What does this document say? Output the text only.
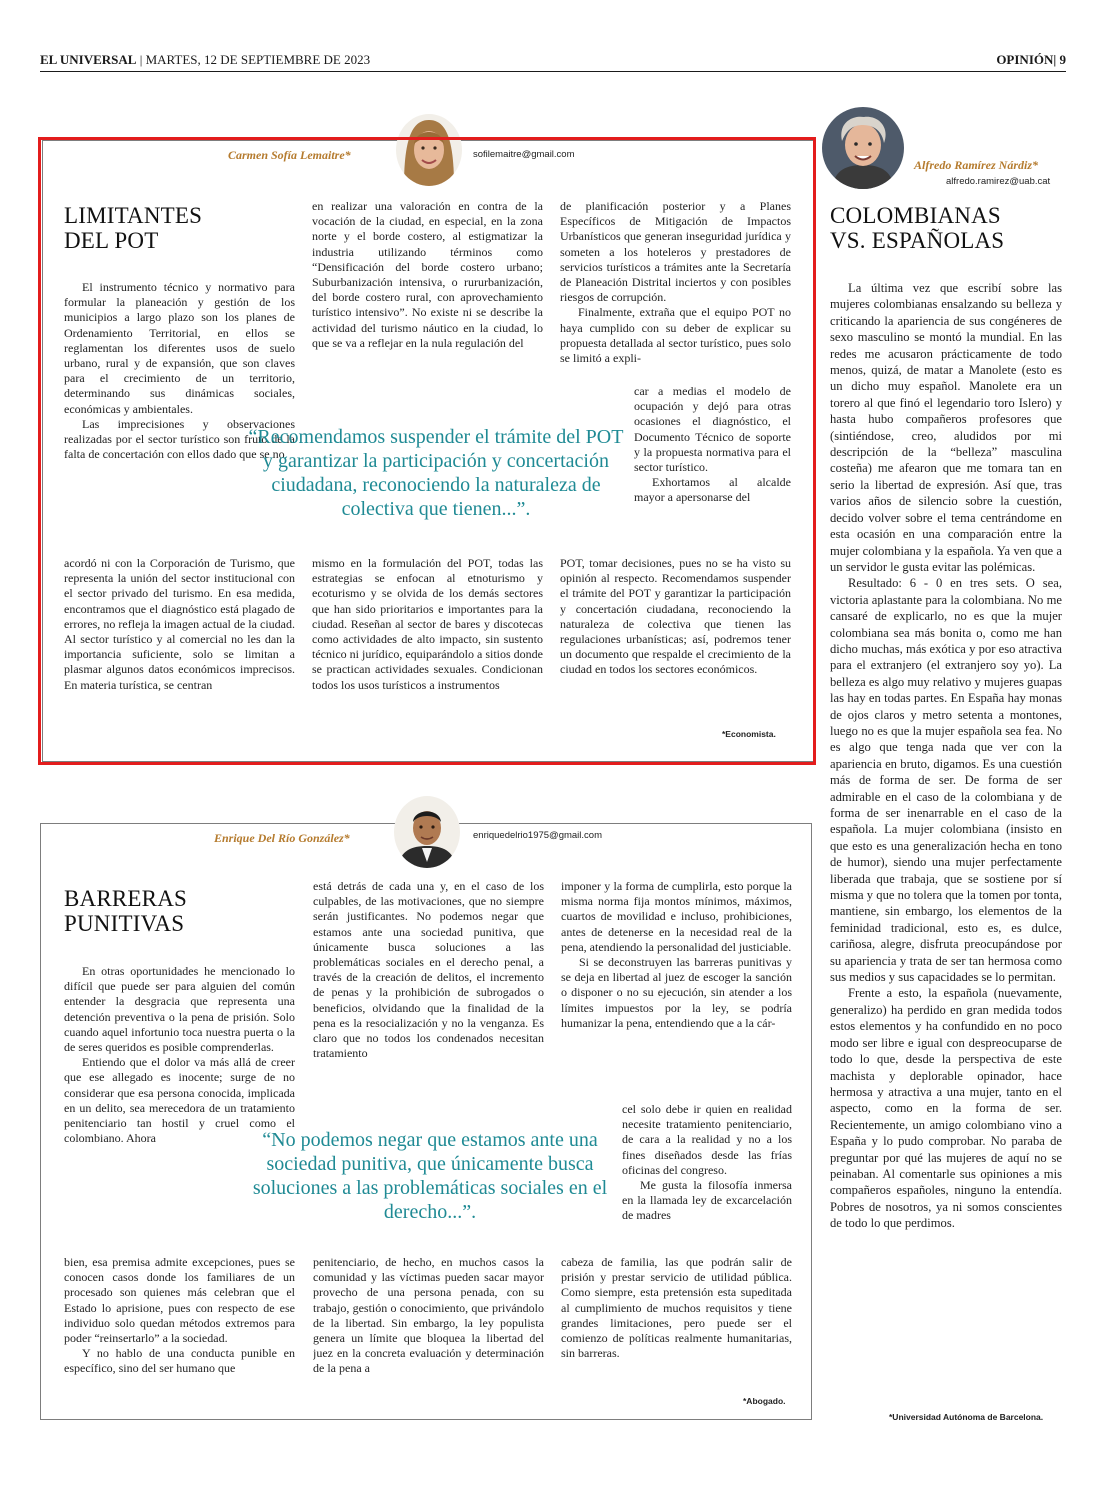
EL UNIVERSAL | MARTES, 12 DE SEPTIEMBRE DE 2023	OPINIÓN| 9
Carmen Sofía Lemaitre*	sofilemaitre@gmail.com
LIMITANTES
DEL POT

El instrumento técnico y normativo para formular la planeación y gestión de los municipios a largo plazo son los planes de Ordenamiento Territorial, en ellos se reglamentan los diferentes usos de suelo urbano, rural y de expansión, que son claves para el crecimiento de un territorio, determinando sus dinámicas sociales, económicas y ambientales.

Las imprecisiones y observaciones realizadas por el sector turístico son fruto de la falta de concertación con ellos dado que se no

acordó ni con la Corporación de Turismo, que representa la unión del sector institucional con el sector privado del turismo. En esa medida, encontramos que el diagnóstico está plagado de errores, no refleja la imagen actual de la ciudad. Al sector turístico y al comercial no les dan la importancia suficiente, solo se limitan a plasmar algunos datos económicos imprecisos. En materia turística, se centran

en realizar una valoración en contra de la vocación de la ciudad, en especial, en la zona norte y el borde costero, al estigmatizar la industria utilizando términos como “Densificación del borde costero urbano; Suburbanización intensiva, o rururbanización, del borde costero rural, con aprovechamiento turístico intensivo”. No existe ni se describe la actividad del turismo náutico en la ciudad, lo que se va a reflejar en la nula regulación del

mismo en la formulación del POT, todas las estrategias se enfocan al etnoturismo y ecoturismo y se olvida de los demás sectores que han sido prioritarios e importantes para la ciudad. Reseñan al sector de bares y discotecas como actividades de alto impacto, sin sustento técnico ni jurídico, equiparándolo a sitios donde se practican actividades sexuales. Condicionan todos los usos turísticos a instrumentos

de planificación posterior y a Planes Específicos de Mitigación de Impactos Urbanísticos que generan inseguridad jurídica y someten a los hoteleros y prestadores de servicios turísticos a trámites ante la Secretaría de Planeación Distrital inciertos y con posibles riesgos de corrupción.

Finalmente, extraña que el equipo POT no haya cumplido con su deber de explicar su propuesta detallada al sector turístico, pues solo se limitó a expli-

car a medias el modelo de ocupación y dejó para otras ocasiones el diagnóstico, el Documento Técnico de soporte y la propuesta normativa para el sector turístico.

Exhortamos al alcalde mayor a apersonarse del

POT, tomar decisiones, pues no se ha visto su opinión al respecto. Recomendamos suspender el trámite del POT y garantizar la participación y concertación ciudadana, reconociendo la naturaleza de colectiva que tienen las regulaciones urbanísticas; así, podremos tener un documento que respalde el crecimiento de la ciudad en todos los sectores económicos.

“Recomendamos suspender el trámite del POT y garantizar la participación y concertación ciudadana, reconociendo la naturaleza de colectiva que tienen...”.
*Economista.
Enrique Del Río González*	enriquedelrio1975@gmail.com
BARRERAS
PUNITIVAS

En otras oportunidades he mencionado lo difícil que puede ser para alguien del común entender la desgracia que representa una detención preventiva o la pena de prisión. Solo cuando aquel infortunio toca nuestra puerta o la de seres queridos es posible comprenderlas.

Entiendo que el dolor va más allá de creer que ese allegado es inocente; surge de no considerar que esa persona conocida, implicada en un delito, sea merecedora de un tratamiento penitenciario tan hostil y cruel como el colombiano. Ahora

bien, esa premisa admite excepciones, pues se conocen casos donde los familiares de un procesado son quienes más celebran que el Estado lo aprisione, pues con respecto de ese individuo solo quedan métodos extremos para poder “reinsertarlo” a la sociedad.

Y no hablo de una conducta punible en específico, sino del ser humano que

está detrás de cada una y, en el caso de los culpables, de las motivaciones, que no siempre serán justificantes. No podemos negar que estamos ante una sociedad punitiva, que únicamente busca soluciones a las problemáticas sociales en el derecho penal, a través de la creación de delitos, el incremento de penas y la prohibición de subrogados o beneficios, olvidando que la finalidad de la pena es la resocialización y no la venganza. Es claro que no todos los condenados necesitan tratamiento

penitenciario, de hecho, en muchos casos la comunidad y las víctimas pueden sacar mayor provecho de una persona penada, con su trabajo, gestión o conocimiento, que privándolo de la libertad. Sin embargo, la ley populista genera un límite que bloquea la libertad del juez en la concreta evaluación y determinación de la pena a

imponer y la forma de cumplirla, esto porque la misma norma fija montos mínimos, máximos, cuartos de movilidad e incluso, prohibiciones, antes de detenerse en la necesidad real de la pena, atendiendo la personalidad del justiciable.

Si se deconstruyen las barreras punitivas y se deja en libertad al juez de escoger la sanción o disponer o no su ejecución, sin atender a los límites impuestos por la ley, se podría humanizar la pena, entendiendo que a la cár-

cel solo debe ir quien en realidad necesite tratamiento penitenciario, de cara a la realidad y no a los fines diseñados desde las frías oficinas del congreso.

Me gusta la filosofía inmersa en la llamada ley de excarcelación de madres

cabeza de familia, las que podrán salir de prisión y prestar servicio de utilidad pública. Como siempre, esta pretensión esta supeditada al cumplimiento de muchos requisitos y tiene grandes limitaciones, pero puede ser el comienzo de políticas realmente humanitarias, sin barreras.

“No podemos negar que estamos ante una sociedad punitiva, que únicamente busca soluciones a las problemáticas sociales en el derecho...”.
*Abogado.
Alfredo Ramírez Nárdiz*
alfredo.ramirez@uab.cat
COLOMBIANAS
VS. ESPAÑOLAS

La última vez que escribí sobre las mujeres colombianas ensalzando su belleza y criticando la apariencia de sus congéneres de sexo masculino se montó la mundial. En las redes me acusaron prácticamente de todo menos, quizá, de matar a Manolete (esto es un dicho muy español. Manolete era un torero al que finó el legendario toro Islero) y hasta hubo compañeros profesores que (sintiéndose, creo, aludidos por mi descripción de la “belleza” masculina costeña) me afearon que me tomara tan en serio la libertad de expresión. Así que, tras varios años de silencio sobre la cuestión, decido volver sobre el tema centrándome en esta ocasión en una comparación entre la mujer colombiana y la española. Ya ven que a un servidor le gusta evitar las polémicas.

Resultado: 6 - 0 en tres sets. O sea, victoria aplastante para la colombiana. No me cansaré de explicarlo, no es que la mujer colombiana sea más bonita o, como me han dicho muchas, más exótica y por eso atractiva para el extranjero (el extranjero soy yo). La belleza es algo muy relativo y mujeres guapas las hay en todas partes. En España hay monas de ojos claros y metro setenta a montones, luego no es que la mujer española sea fea. No es algo que tenga nada que ver con la apariencia en bruto, digamos. Es una cuestión más de forma de ser. De forma de ser admirable en el caso de la colombiana y de forma de ser inenarrable en el caso de la española. La mujer colombiana (insisto en que esto es una generalización hecha en tono de humor), siendo una mujer perfectamente liberada que trabaja, que se sostiene por sí misma y que no tolera que la tomen por tonta, mantiene, sin embargo, los elementos de la feminidad tradicional, esto es, es dulce, cariñosa, alegre, disfruta preocupándose por su apariencia y trata de ser tan hermosa como sus medios y sus capacidades se lo permitan.

Frente a esto, la española (nuevamente, generalizo) ha perdido en gran medida todos estos elementos y ha confundido en no poco modo ser libre e igual con despreocuparse de todo lo que, desde la perspectiva de este machista y deplorable opinador, hace hermosa y atractiva a una mujer, tanto en el aspecto, como en la forma de ser. Recientemente, un amigo colombiano vino a España y lo pudo comprobar. No paraba de preguntar por qué las mujeres de aquí no se peinaban. Al comentarle sus opiniones a mis compañeros españoles, ninguno la entendía. Pobres de nosotros, ya ni somos conscientes de todo lo que perdimos.

*Universidad Autónoma de Barcelona.
